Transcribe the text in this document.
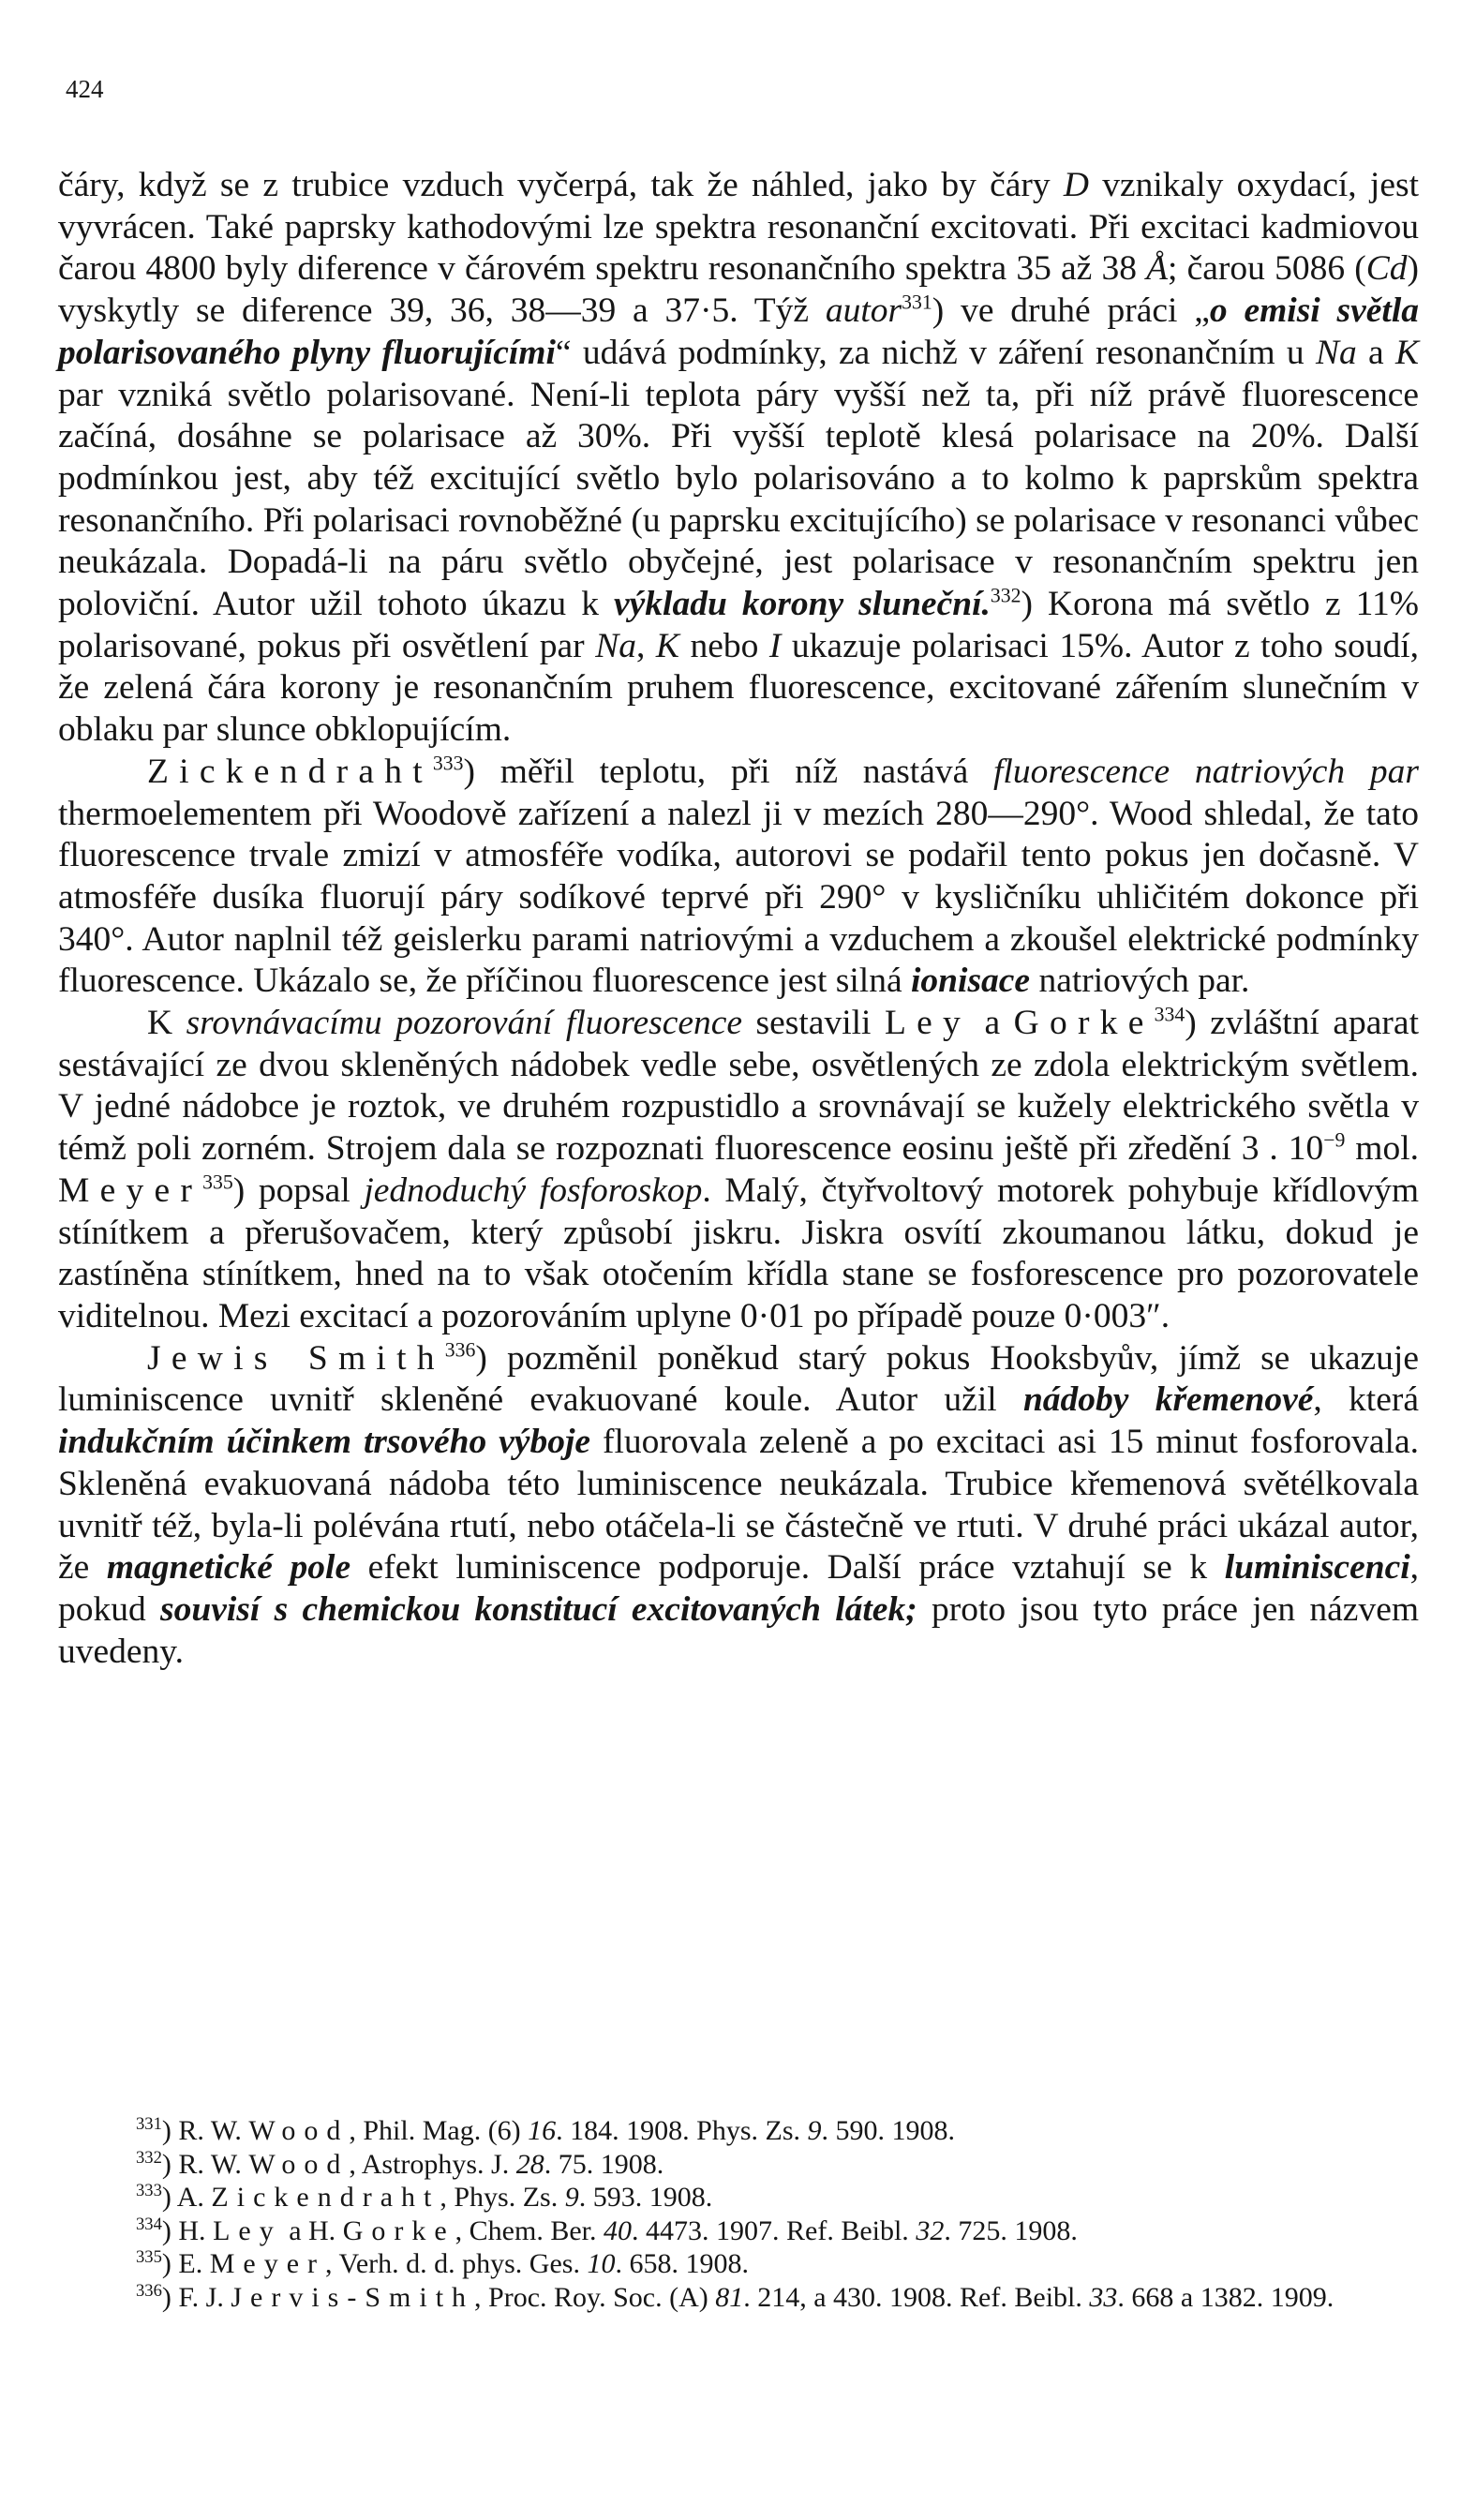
424

čáry, když se z trubice vzduch vyčerpá, tak že náhled, jako by čáry D vznikaly oxydací, jest vyvrácen. Také paprsky kathodovými lze spektra resonanční excitovati. Při excitaci kadmiovou čarou 4800 byly diference v čárovém spektru resonančního spektra 35 až 38 Å; čarou 5086 (Cd) vyskytly se diference 39, 36, 38—39 a 37·5. Týž autor$^{331}$) ve druhé práci „o emisi světla polarisovaného plyny fluorujícími“ udává podmínky, za nichž v záření resonančním u Na a K par vzniká světlo polarisované. Není-li teplota páry vyšší než ta, při níž právě fluorescence začíná, dosáhne se polarisace až 30%. Při vyšší teplotě klesá polarisace na 20%. Další podmínkou jest, aby též excitující světlo bylo polarisováno a to kolmo k paprskům spektra resonančního. Při polarisaci rovnoběžné (u paprsku excitujícího) se polarisace v resonanci vůbec neukázala. Dopadá-li na páru světlo obyčejné, jest polarisace v resonančním spektru jen poloviční. Autor užil tohoto úkazu k výkladu korony sluneční.$^{332}$) Korona má světlo z 11% polarisované, pokus při osvětlení par Na, K nebo I ukazuje polarisaci 15%. Autor z toho soudí, že zelená čára korony je resonančním pruhem fluorescence, excitované zářením slunečním v oblaku par slunce obklopujícím.

Zickendraht$^{333}$) měřil teplotu, při níž nastává fluorescence natriových par thermoelementem při Woodově zařízení a nalezl ji v mezích 280—290°. Wood shledal, že tato fluorescence trvale zmizí v atmosféře vodíka, autorovi se podařil tento pokus jen dočasně. V atmosféře dusíka fluorují páry sodíkové teprvé při 290° v kysličníku uhličitém dokonce při 340°. Autor naplnil též geislerku parami natriovými a vzduchem a zkoušel elektrické podmínky fluorescence. Ukázalo se, že příčinou fluorescence jest silná ionisace natriových par.

K srovnávacímu pozorování fluorescence sestavili Ley a Gorke$^{334}$) zvláštní aparat sestávající ze dvou skleněných nádobek vedle sebe, osvětlených ze zdola elektrickým světlem. V jedné nádobce je roztok, ve druhém rozpustidlo a srovnávají se kužely elektrického světla v témž poli zorném. Strojem dala se rozpoznati fluorescence eosinu ještě při zředění 3 . $10^{-9}$ mol. Meyer$^{335}$) popsal jednoduchý fosforoskop. Malý, čtyřvoltový motorek pohybuje křídlovým stínítkem a přerušovačem, který způsobí jiskru. Jiskra osvítí zkoumanou látku, dokud je zastíněna stínítkem, hned na to však otočením křídla stane se fosforescence pro pozorovatele viditelnou. Mezi excitací a pozorováním uplyne 0·01 po případě pouze 0·003″.

Jewis Smith$^{336}$) pozměnil poněkud starý pokus Hooksbyův, jímž se ukazuje luminiscence uvnitř skleněné evakuované koule. Autor užil nádoby křemenové, která indukčním účinkem trsového výboje fluorovala zeleně a po excitaci asi 15 minut fosforovala. Skleněná evakuovaná nádoba této luminiscence neukázala. Trubice křemenová světélkovala uvnitř též, byla-li polévána rtutí, nebo otáčela-li se částečně ve rtuti. V druhé práci ukázal autor, že magnetické pole efekt luminiscence podporuje. Další práce vztahují se k luminiscenci, pokud souvisí s chemickou konstitucí excitovaných látek; proto jsou tyto práce jen názvem uvedeny.

$^{331}$) R. W. Wood, Phil. Mag. (6) 16. 184. 1908. Phys. Zs. 9. 590. 1908.
$^{332}$) R. W. Wood, Astrophys. J. 28. 75. 1908.
$^{333}$) A. Zickendraht, Phys. Zs. 9. 593. 1908.
$^{334}$) H. Ley a H. Gorke, Chem. Ber. 40. 4473. 1907. Ref. Beibl. 32. 725. 1908.
$^{335}$) E. Meyer, Verh. d. d. phys. Ges. 10. 658. 1908.
$^{336}$) F. J. Jervis-Smith, Proc. Roy. Soc. (A) 81. 214, a 430. 1908. Ref. Beibl. 33. 668 a 1382. 1909.
